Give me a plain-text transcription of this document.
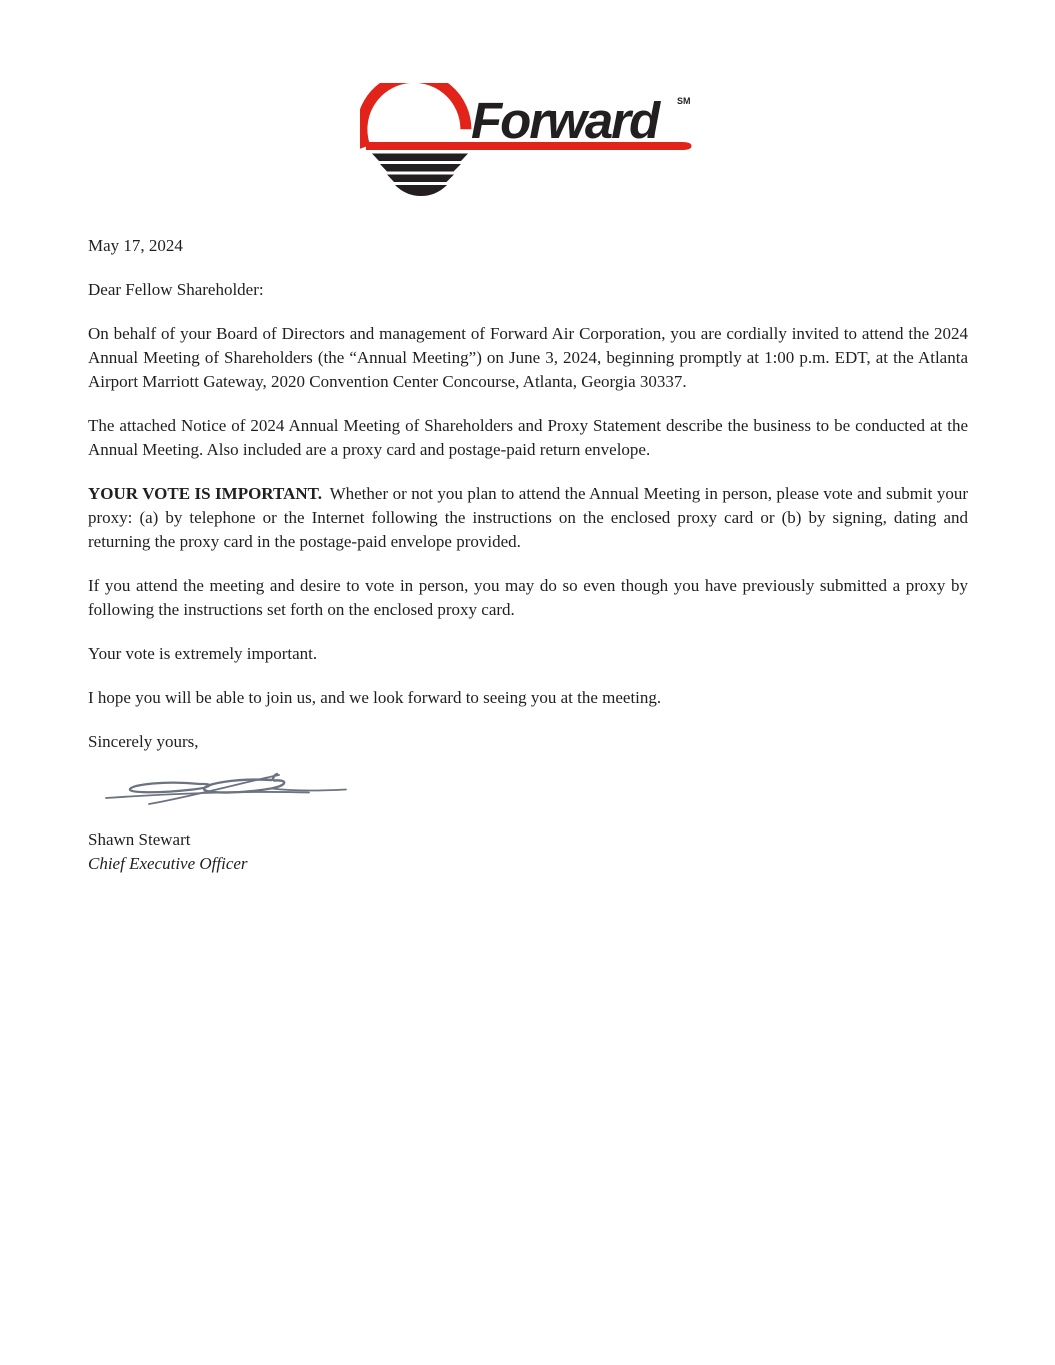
Forward	SM

May 17, 2024

Dear Fellow Shareholder:

On behalf of your Board of Directors and management of Forward Air Corporation, you are cordially invited to attend the 2024 Annual Meeting of Shareholders (the “Annual Meeting”) on June 3, 2024, beginning promptly at 1:00 p.m. EDT, at the Atlanta Airport Marriott Gateway, 2020 Convention Center Concourse, Atlanta, Georgia 30337.

The attached Notice of 2024 Annual Meeting of Shareholders and Proxy Statement describe the business to be conducted at the Annual Meeting. Also included are a proxy card and postage-paid return envelope.

YOUR VOTE IS IMPORTANT. Whether or not you plan to attend the Annual Meeting in person, please vote and submit your proxy: (a) by telephone or the Internet following the instructions on the enclosed proxy card or (b) by signing, dating and returning the proxy card in the postage-paid envelope provided.

If you attend the meeting and desire to vote in person, you may do so even though you have previously submitted a proxy by following the instructions set forth on the enclosed proxy card.

Your vote is extremely important.

I hope you will be able to join us, and we look forward to seeing you at the meeting.

Sincerely yours,

Shawn Stewart

Chief Executive Officer
